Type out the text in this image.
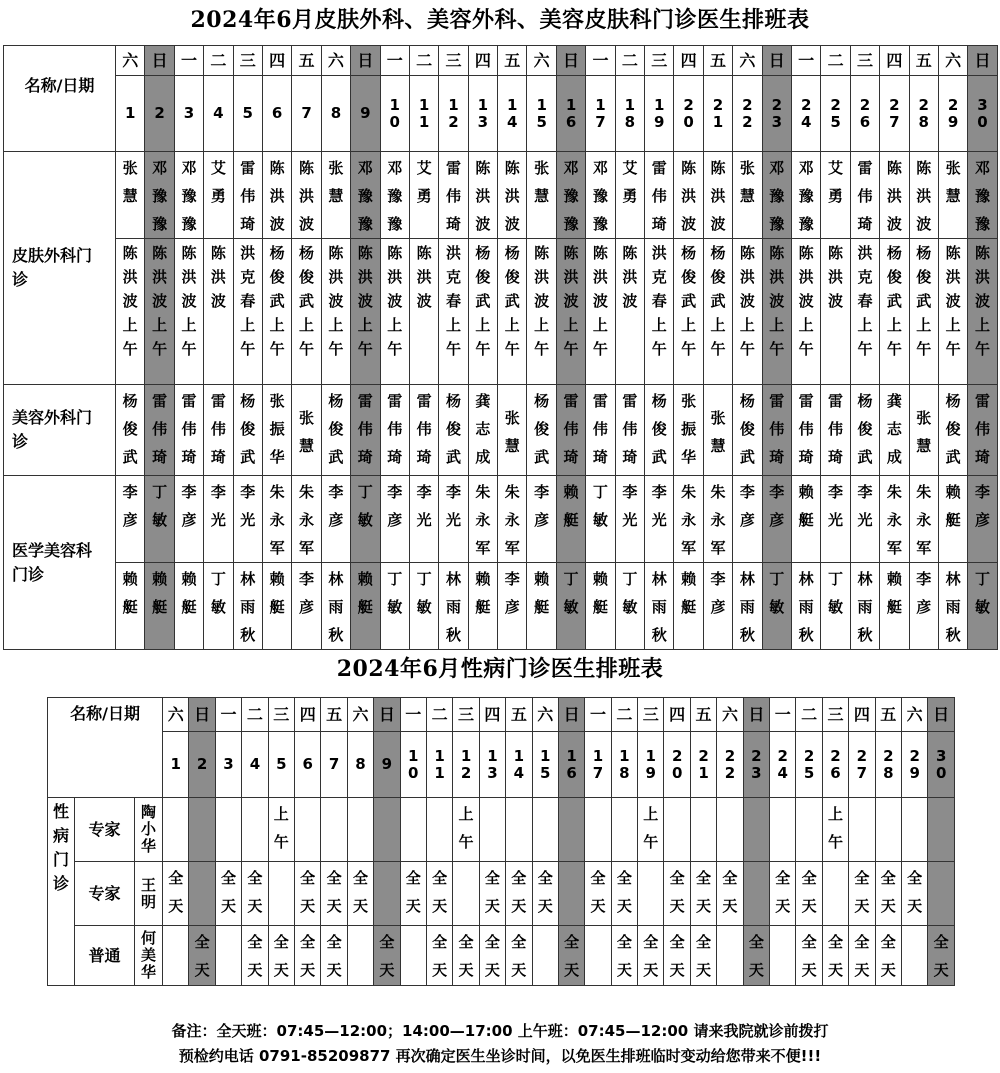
2024年6月皮肤外科、美容外科、美容皮肤科门诊医生排班表
名称/日期	六	日	一	二	三	四	五	六	日	一	二	三	四	五	六	日	一	二	三	四	五	六	日	一	二	三	四	五	六	日

	1	2	3	4	5	6	7	8	9	10	11	12	13	14	15	16	17	18	19	20	21	22	23	24	25	26	27	28	29	30

皮肤外科门诊	张慧	邓豫豫	邓豫豫	艾勇	雷伟琦	陈洪波	陈洪波	张慧	邓豫豫	邓豫豫	艾勇	雷伟琦	陈洪波	陈洪波	张慧	邓豫豫	邓豫豫	艾勇	雷伟琦	陈洪波	陈洪波	张慧	邓豫豫	邓豫豫	艾勇	雷伟琦	陈洪波	陈洪波	张慧	邓豫豫

	陈洪波上午	陈洪波上午	陈洪波上午	陈洪波	洪克春上午	杨俊武上午	杨俊武上午	陈洪波上午	陈洪波上午	陈洪波上午	陈洪波	洪克春上午	杨俊武上午	杨俊武上午	陈洪波上午	陈洪波上午	陈洪波上午	陈洪波	洪克春上午	杨俊武上午	杨俊武上午	陈洪波上午	陈洪波上午	陈洪波上午	陈洪波	洪克春上午	杨俊武上午	杨俊武上午	陈洪波上午	陈洪波上午

美容外科门诊	杨俊武	雷伟琦	雷伟琦	雷伟琦	杨俊武	张振华	张慧	杨俊武	雷伟琦	雷伟琦	雷伟琦	杨俊武	龚志成	张慧	杨俊武	雷伟琦	雷伟琦	雷伟琦	杨俊武	张振华	张慧	杨俊武	雷伟琦	雷伟琦	雷伟琦	杨俊武	龚志成	张慧	杨俊武	雷伟琦

医学美容科门诊	李彦	丁敏	李彦	李光	李光	朱永军	朱永军	李彦	丁敏	李彦	李光	李光	朱永军	朱永军	李彦	赖艇	丁敏	李光	李光	朱永军	朱永军	李彦	李彦	赖艇	李光	李光	朱永军	朱永军	赖艇	李彦

	赖艇	赖艇	赖艇	丁敏	林雨秋	赖艇	李彦	林雨秋	赖艇	丁敏	丁敏	林雨秋	赖艇	李彦	赖艇	丁敏	赖艇	丁敏	林雨秋	赖艇	李彦	林雨秋	丁敏	林雨秋	丁敏	林雨秋	赖艇	李彦	林雨秋	丁敏
2024年6月性病门诊医生排班表
名称/日期			六	日	一	二	三	四	五	六	日	一	二	三	四	五	六	日	一	二	三	四	五	六	日	一	二	三	四	五	六	日

			1	2	3	4	5	6	7	8	9	10	11	12	13	14	15	16	17	18	19	20	21	22	23	24	25	26	27	28	29	30

性病门诊	专家	陶小华					上午							上午							上午							上午				

	专家	王明	全天		全天	全天		全天	全天	全天		全天	全天		全天	全天	全天		全天	全天		全天	全天	全天		全天	全天		全天	全天	全天	

	普通	何美华		全天		全天	全天	全天	全天		全天		全天	全天	全天	全天		全天		全天	全天	全天	全天		全天		全天	全天	全天	全天		全天
备注：全天班：07:45—12:00；14:00—17:00 上午班：07:45—12:00 请来我院就诊前拨打
预检约电话 0791-85209877 再次确定医生坐诊时间，以免医生排班临时变动给您带来不便!!!
